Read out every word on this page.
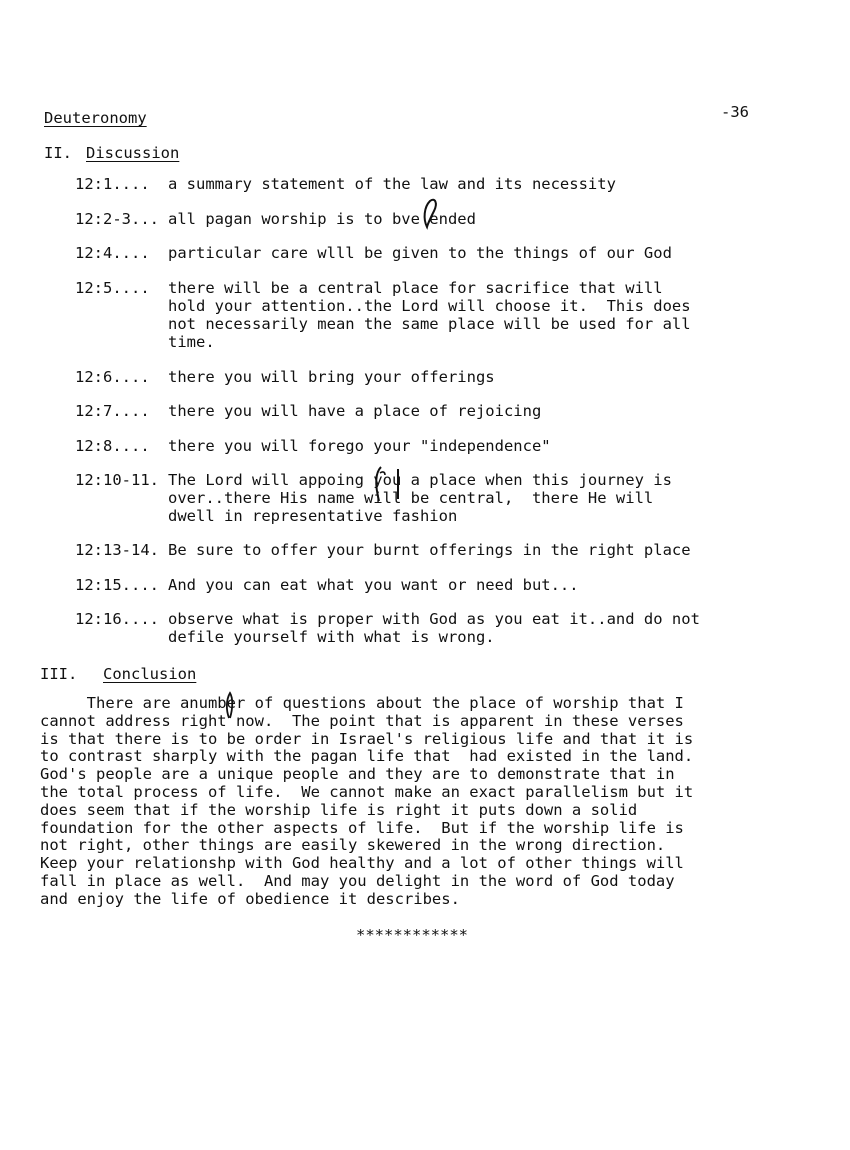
Deuteronomy	-36
II. Discussion
12:1.... a summary statement of the law and its necessity
12:2-3... all pagan worship is to bve ended
12:4.... particular care wlll be given to the things of our God
12:5.... there will be a central place for sacrifice that will
hold your attention..the Lord will choose it.  This does
not necessarily mean the same place will be used for all
time.
12:6.... there you will bring your offerings
12:7.... there you will have a place of rejoicing
12:8.... there you will forego your "independence"
12:10-11. The Lord will appoing you a place when this journey is
over..there His name will be central,  there He will
dwell in representative fashion
12:13-14. Be sure to offer your burnt offerings in the right place
12:15.... And you can eat what you want or need but...
12:16.... observe what is proper with God as you eat it..and do not
defile yourself with what is wrong.
III. Conclusion
There are anumber of questions about the place of worship that I
cannot address right now.  The point that is apparent in these verses
is that there is to be order in Israel's religious life and that it is
to contrast sharply with the pagan life that  had existed in the land.
God's people are a unique people and they are to demonstrate that in
the total process of life.  We cannot make an exact parallelism but it
does seem that if the worship life is right it puts down a solid
foundation for the other aspects of life.  But if the worship life is
not right, other things are easily skewered in the wrong direction.
Keep your relationshp with God healthy and a lot of other things will
fall in place as well.  And may you delight in the word of God today
and enjoy the life of obedience it describes.
************
